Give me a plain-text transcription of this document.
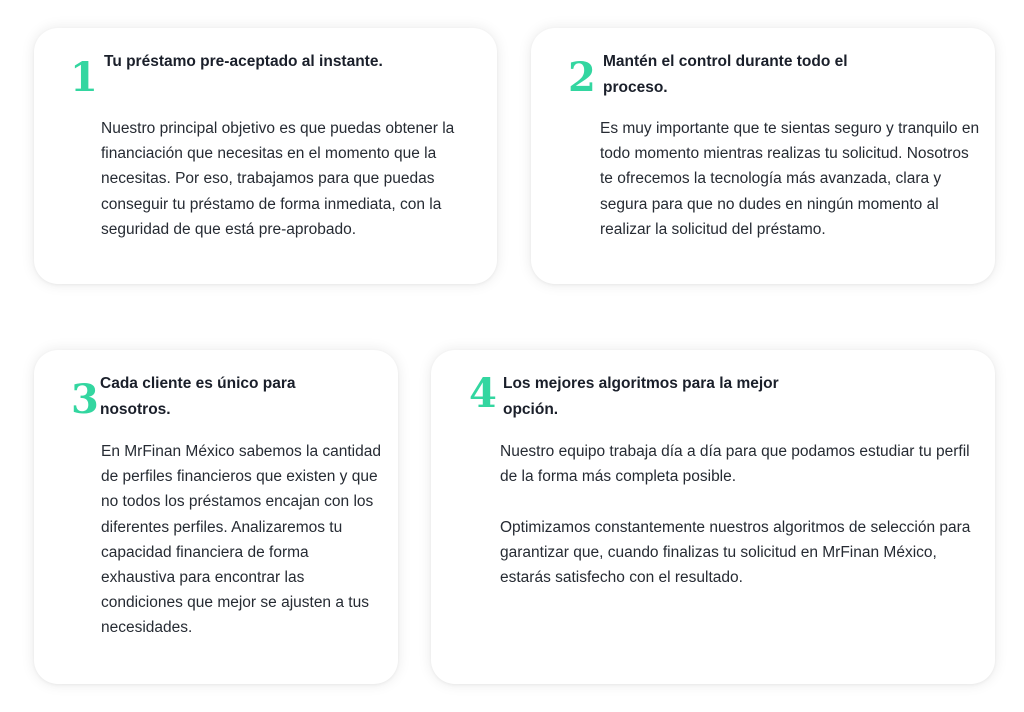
1 Tu préstamo pre-aceptado al instante.

Nuestro principal objetivo es que puedas obtener la financiación que necesitas en el momento que la necesitas. Por eso, trabajamos para que puedas conseguir tu préstamo de forma inmediata, con la seguridad de que está pre-aprobado.

2 Mantén el control durante todo el proceso.

Es muy importante que te sientas seguro y tranquilo en todo momento mientras realizas tu solicitud. Nosotros te ofrecemos la tecnología más avanzada, clara y segura para que no dudes en ningún momento al realizar la solicitud del préstamo.

3 Cada cliente es único para nosotros.

En MrFinan México sabemos la cantidad de perfiles financieros que existen y que no todos los préstamos encajan con los diferentes perfiles. Analizaremos tu capacidad financiera de forma exhaustiva para encontrar las condiciones que mejor se ajusten a tus necesidades.

4 Los mejores algoritmos para la mejor opción.

Nuestro equipo trabaja día a día para que podamos estudiar tu perfil de la forma más completa posible.

Optimizamos constantemente nuestros algoritmos de selección para garantizar que, cuando finalizas tu solicitud en MrFinan México, estarás satisfecho con el resultado.
